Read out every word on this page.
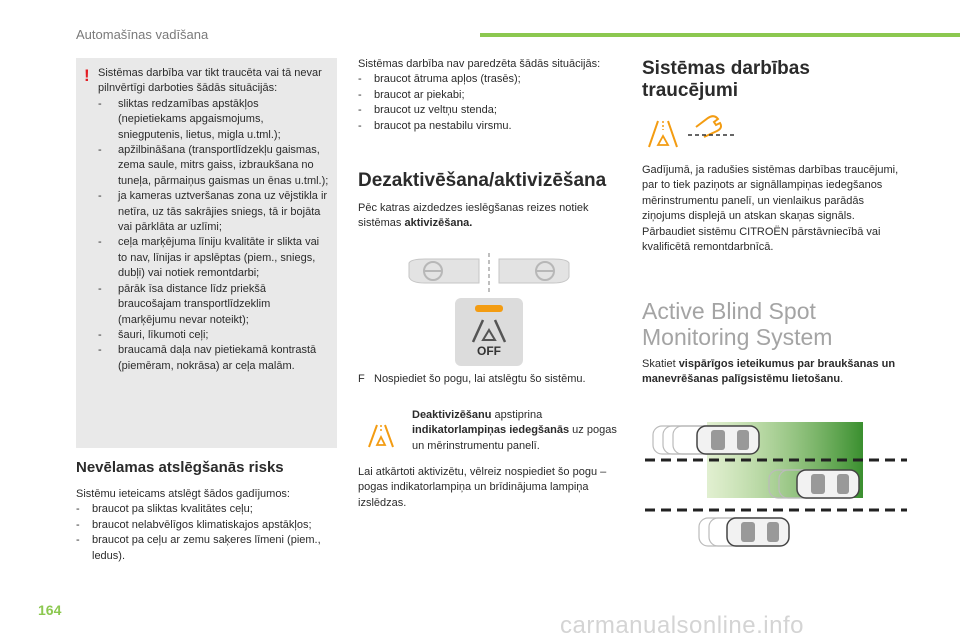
Automašīnas vadīšana
164
! Sistēmas darbība var tikt traucēta vai tā nevar pilnvērtīgi darboties šādās situācijās:
- sliktas redzamības apstākļos (nepietiekams apgaismojums, sniegputenis, lietus, migla u.tml.);
- apžilbināšana (transportlīdzekļu gaismas, zema saule, mitrs gaiss, izbraukšana no tuneļa, pārmaiņus gaismas un ēnas u.tml.);
- ja kameras uztveršanas zona uz vējstikla ir netīra, uz tās sakrājies sniegs, tā ir bojāta vai pārklāta ar uzlīmi;
- ceļa marķējuma līniju kvalitāte ir slikta vai to nav, līnijas ir apslēptas (piem., sniegs, dubļi) vai notiek remontdarbi;
- pārāk īsa distance līdz priekšā braucošajam transportlīdzeklim (marķējumu nevar noteikt);
- šauri, līkumoti ceļi;
- braucamā daļa nav pietiekamā kontrastā (piemēram, nokrāsa) ar ceļa malām.
Nevēlamas atslēgšanās risks
Sistēmu ieteicams atslēgt šādos gadījumos:
- braucot pa sliktas kvalitātes ceļu;
- braucot nelabvēlīgos klimatiskajos apstākļos;
- braucot pa ceļu ar zemu saķeres līmeni (piem., ledus).
Sistēmas darbība nav paredzēta šādās situācijās:
- braucot ātruma apļos (trasēs);
- braucot ar piekabi;
- braucot uz veltņu stenda;
- braucot pa nestabilu virsmu.
Dezaktivēšana/aktivizēšana
Pēc katras aizdedzes ieslēgšanas reizes notiek sistēmas aktivizēšana.
OFF
F Nospiediet šo pogu, lai atslēgtu šo sistēmu.
Deaktivizēšanu apstiprina indikatorlampiņas iedegšanās uz pogas un mērinstrumentu panelī.
Lai atkārtoti aktivizētu, vēlreiz nospiediet šo pogu – pogas indikatorlampiņa un brīdinājuma lampiņa izslēdzas.
Sistēmas darbības
traucējumi
Gadījumā, ja radušies sistēmas darbības traucējumi, par to tiek paziņots ar signāllampiņas iedegšanos mērinstrumentu panelī, un vienlaikus parādās ziņojums displejā un atskan skaņas signāls.
Pārbaudiet sistēmu CITROËN pārstāvniecībā vai kvalificētā remontdarbnīcā.
Active Blind Spot
Monitoring System
Skatiet vispārīgos ieteikumus par braukšanas un manevrēšanas palīgsistēmu lietošanu.
carmanualsonline.info
